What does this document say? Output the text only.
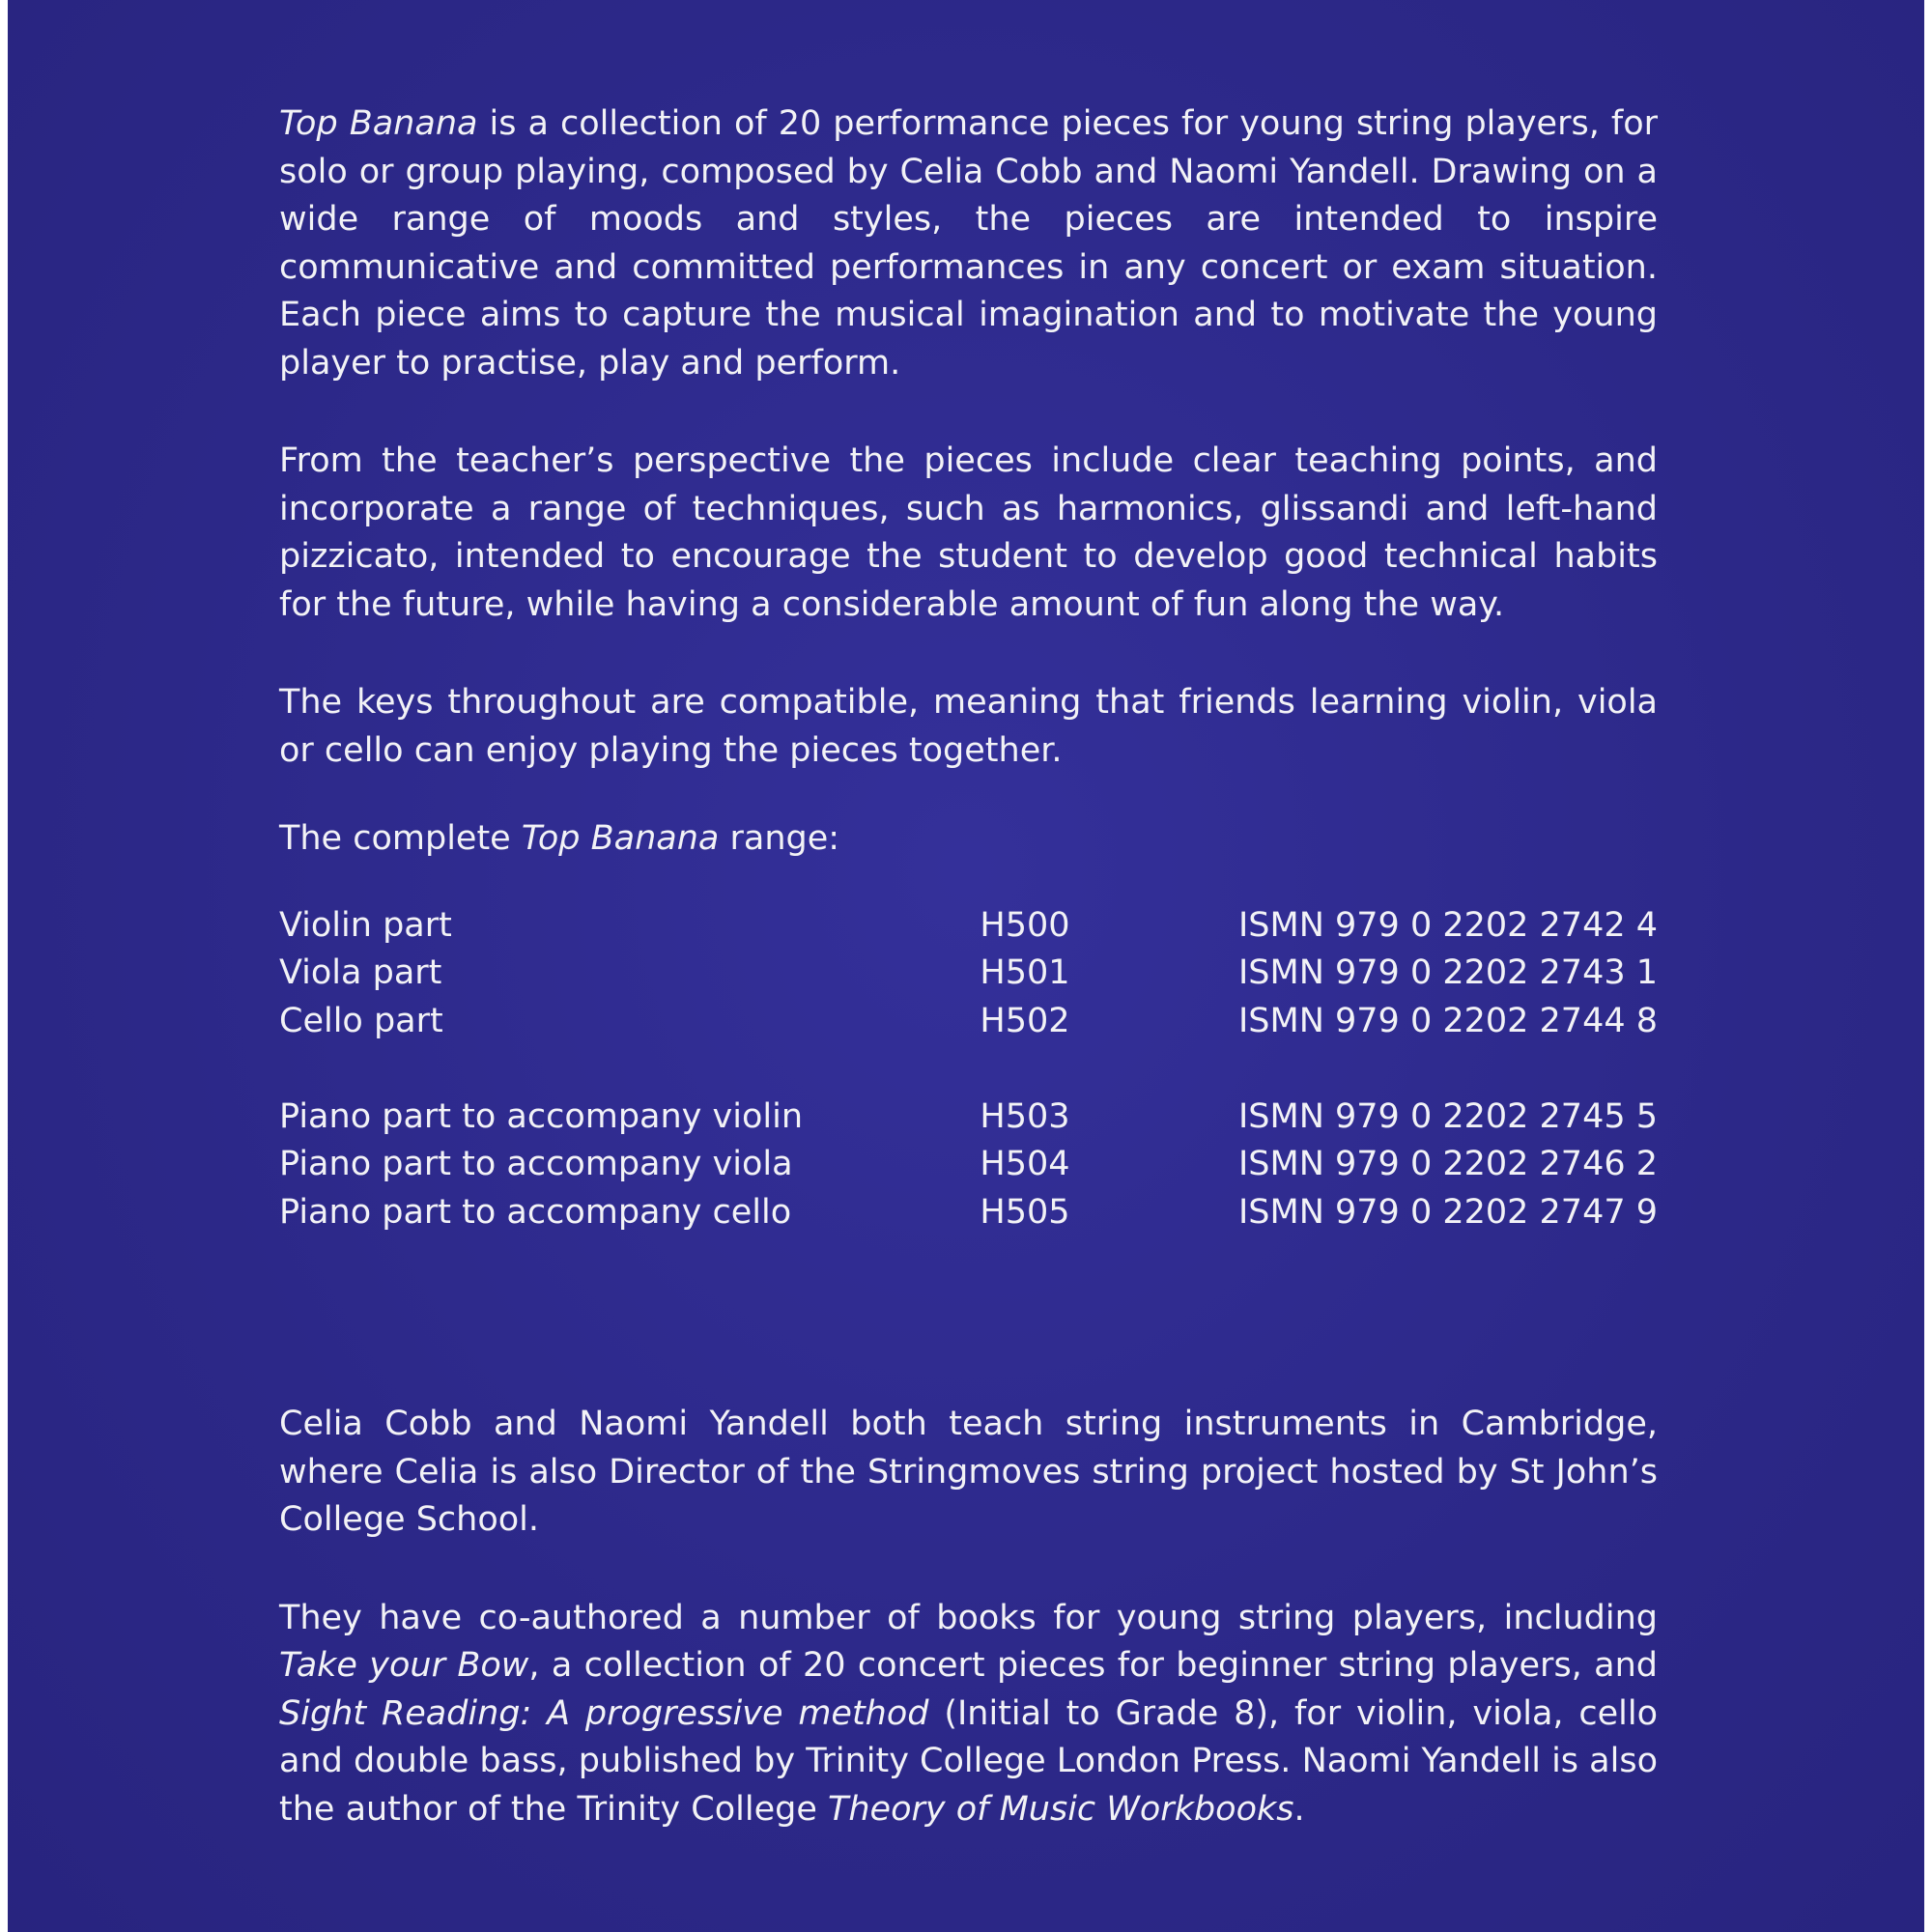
Top Banana is a collection of 20 performance pieces for young string players, for solo or group playing, composed by Celia Cobb and Naomi Yandell. Drawing on a wide range of moods and styles, the pieces are intended to inspire communicative and committed performances in any concert or exam situation. Each piece aims to capture the musical imagination and to motivate the young player to practise, play and perform.

From the teacher’s perspective the pieces include clear teaching points, and incorporate a range of techniques, such as harmonics, glissandi and left-hand pizzicato, intended to encourage the student to develop good technical habits for the future, while having a considerable amount of fun along the way.

The keys throughout are compatible, meaning that friends learning violin, viola or cello can enjoy playing the pieces together.

The complete Top Banana range:

Violin part	H500	ISMN 979 0 2202 2742 4
Viola part	H501	ISMN 979 0 2202 2743 1
Cello part	H502	ISMN 979 0 2202 2744 8

Piano part to accompany violin	H503	ISMN 979 0 2202 2745 5
Piano part to accompany viola	H504	ISMN 979 0 2202 2746 2
Piano part to accompany cello	H505	ISMN 979 0 2202 2747 9

Celia Cobb and Naomi Yandell both teach string instruments in Cambridge, where Celia is also Director of the Stringmoves string project hosted by St John’s College School.

They have co-authored a number of books for young string players, including Take your Bow, a collection of 20 concert pieces for beginner string players, and Sight Reading: A progressive method (Initial to Grade 8), for violin, viola, cello and double bass, published by Trinity College London Press. Naomi Yandell is also the author of the Trinity College Theory of Music Workbooks.
